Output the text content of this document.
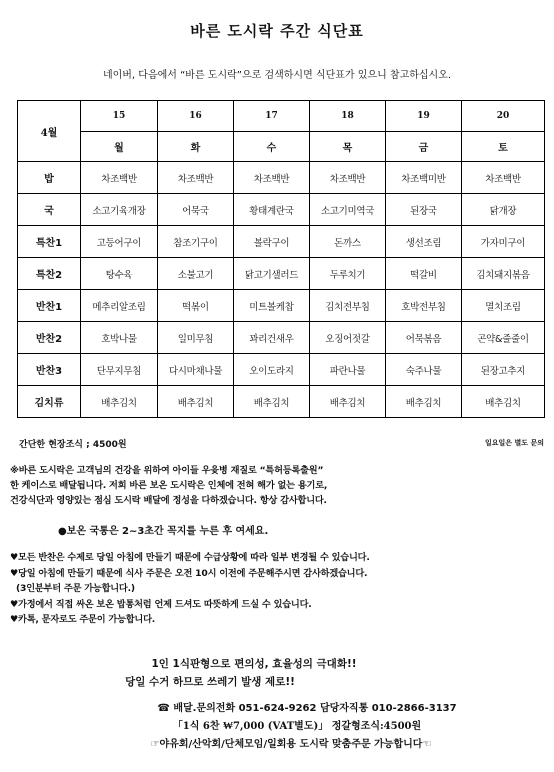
바른 도시락 주간 식단표
네이버, 다음에서 “바른 도시락”으로 검색하시면 식단표가 있으니 참고하십시오.
4월	15	16	17	18	19	20
	월	화	수	목	금	토
밥	차조백반	차조백반	차조백반	차조백반	차조백미반	차조백반
국	소고기육개장	어묵국	황태계란국	소고기미역국	된장국	닭개장
특찬1	고등어구이	참조기구이	볼락구이	돈까스	생선조림	가자미구이
특찬2	탕수육	소불고기	닭고기샐러드	두루치기	떡갈비	김치돼지볶음
반찬1	메추리알조림	떡볶이	미트볼케찹	김치전부침	호박전부침	멸치조림
반찬2	호박나물	일미무침	꽈리건새우	오징어젓갈	어묵볶음	곤약&줄줄이
반찬3	단무지무침	다시마채나물	오이도라지	파란나물	숙주나물	된장고추지
김치류	배추김치	배추김치	배추김치	배추김치	배추김치	배추김치
간단한 현장조식 ; 4500원	일요일은 별도 문의
※바른 도시락은 고객님의 건강을 위하여 아이들 우윳병 재질로 “특허등록출원”
한 케이스로 배달됩니다. 저희 바른 보온 도시락은 인체에 전혀 해가 없는 용기로,
건강식단과 영양있는 점심 도시락 배달에 정성을 다하겠습니다. 항상 감사합니다.
●보온 국통은 2~3초간 꼭지를 누른 후 여세요.
♥모든 반찬은 수제로 당일 아침에 만들기 때문에 수급상황에 따라 일부 변경될 수 있습니다.
♥당일 아침에 만들기 때문에 식사 주문은 오전 10시 이전에 주문해주시면 감사하겠습니다.
(3인분부터 주문 가능합니다.)
♥가정에서 직접 싸온 보온 밥통처럼 언제 드셔도 따뜻하게 드실 수 있습니다.
♥카톡, 문자로도 주문이 가능합니다.
1인 1식판형으로 편의성, 효율성의 극대화!!
당일 수거 하므로 쓰레기 발생 제로!!
☎ 배달.문의전화 051-624-9262 담당자직통 010-2866-3137
「1식 6찬 ₩7,000 (VAT별도)」 정갈형조식:4500원
☞야유회/산악회/단체모임/일회용 도시락 맞춤주문 가능합니다☜
